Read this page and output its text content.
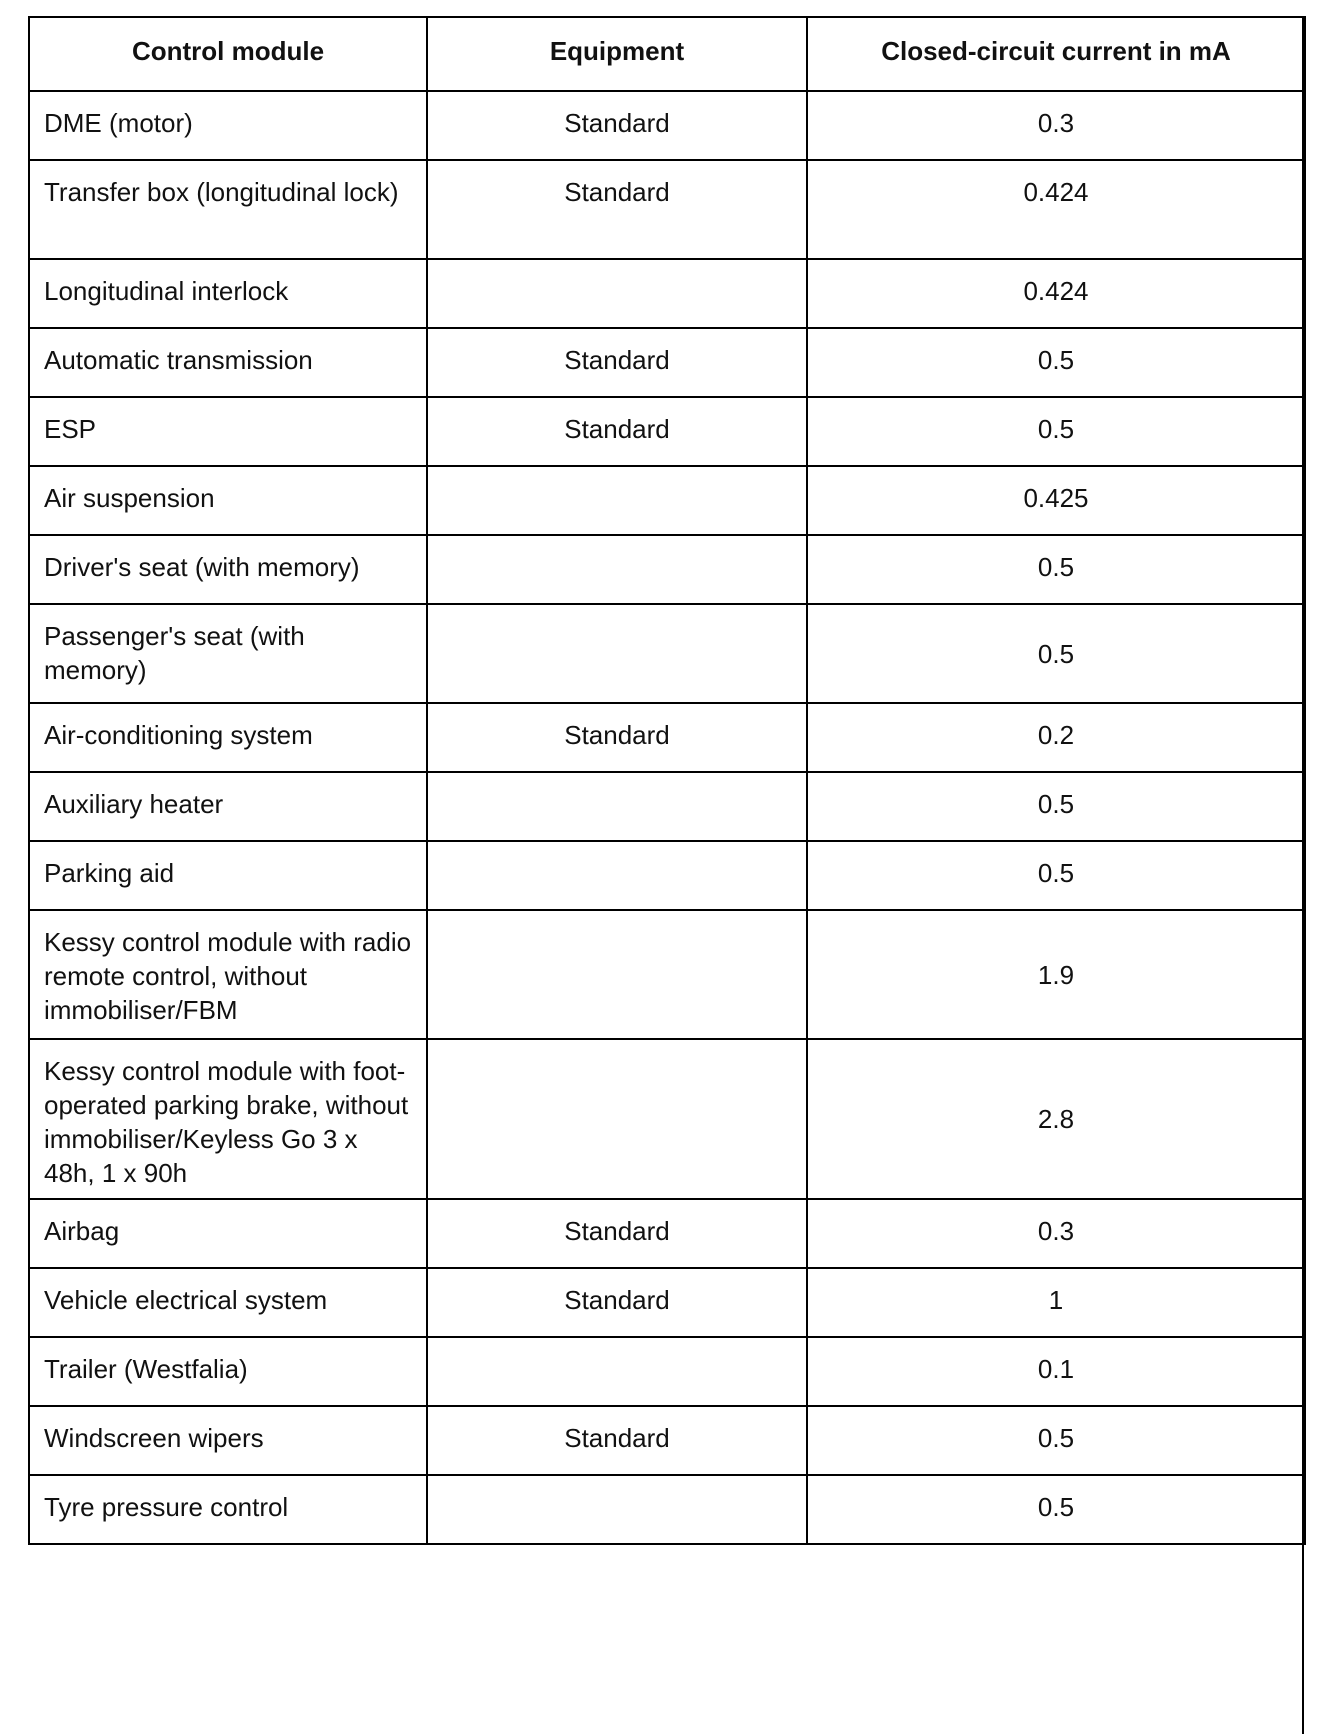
Control module	Equipment	Closed-circuit current in mA
DME (motor)	Standard	0.3
Transfer box (longitudinal lock)	Standard	0.424
Longitudinal interlock		0.424
Automatic transmission	Standard	0.5
ESP	Standard	0.5
Air suspension		0.425
Driver's seat (with memory)		0.5
Passenger's seat (with memory)		0.5
Air-conditioning system	Standard	0.2
Auxiliary heater		0.5
Parking aid		0.5
Kessy control module with radio remote control, without immobiliser/FBM		1.9
Kessy control module with foot-operated parking brake, without immobiliser/Keyless Go 3 x 48h, 1 x 90h		2.8
Airbag	Standard	0.3
Vehicle electrical system	Standard	1
Trailer (Westfalia)		0.1
Windscreen wipers	Standard	0.5
Tyre pressure control		0.5
